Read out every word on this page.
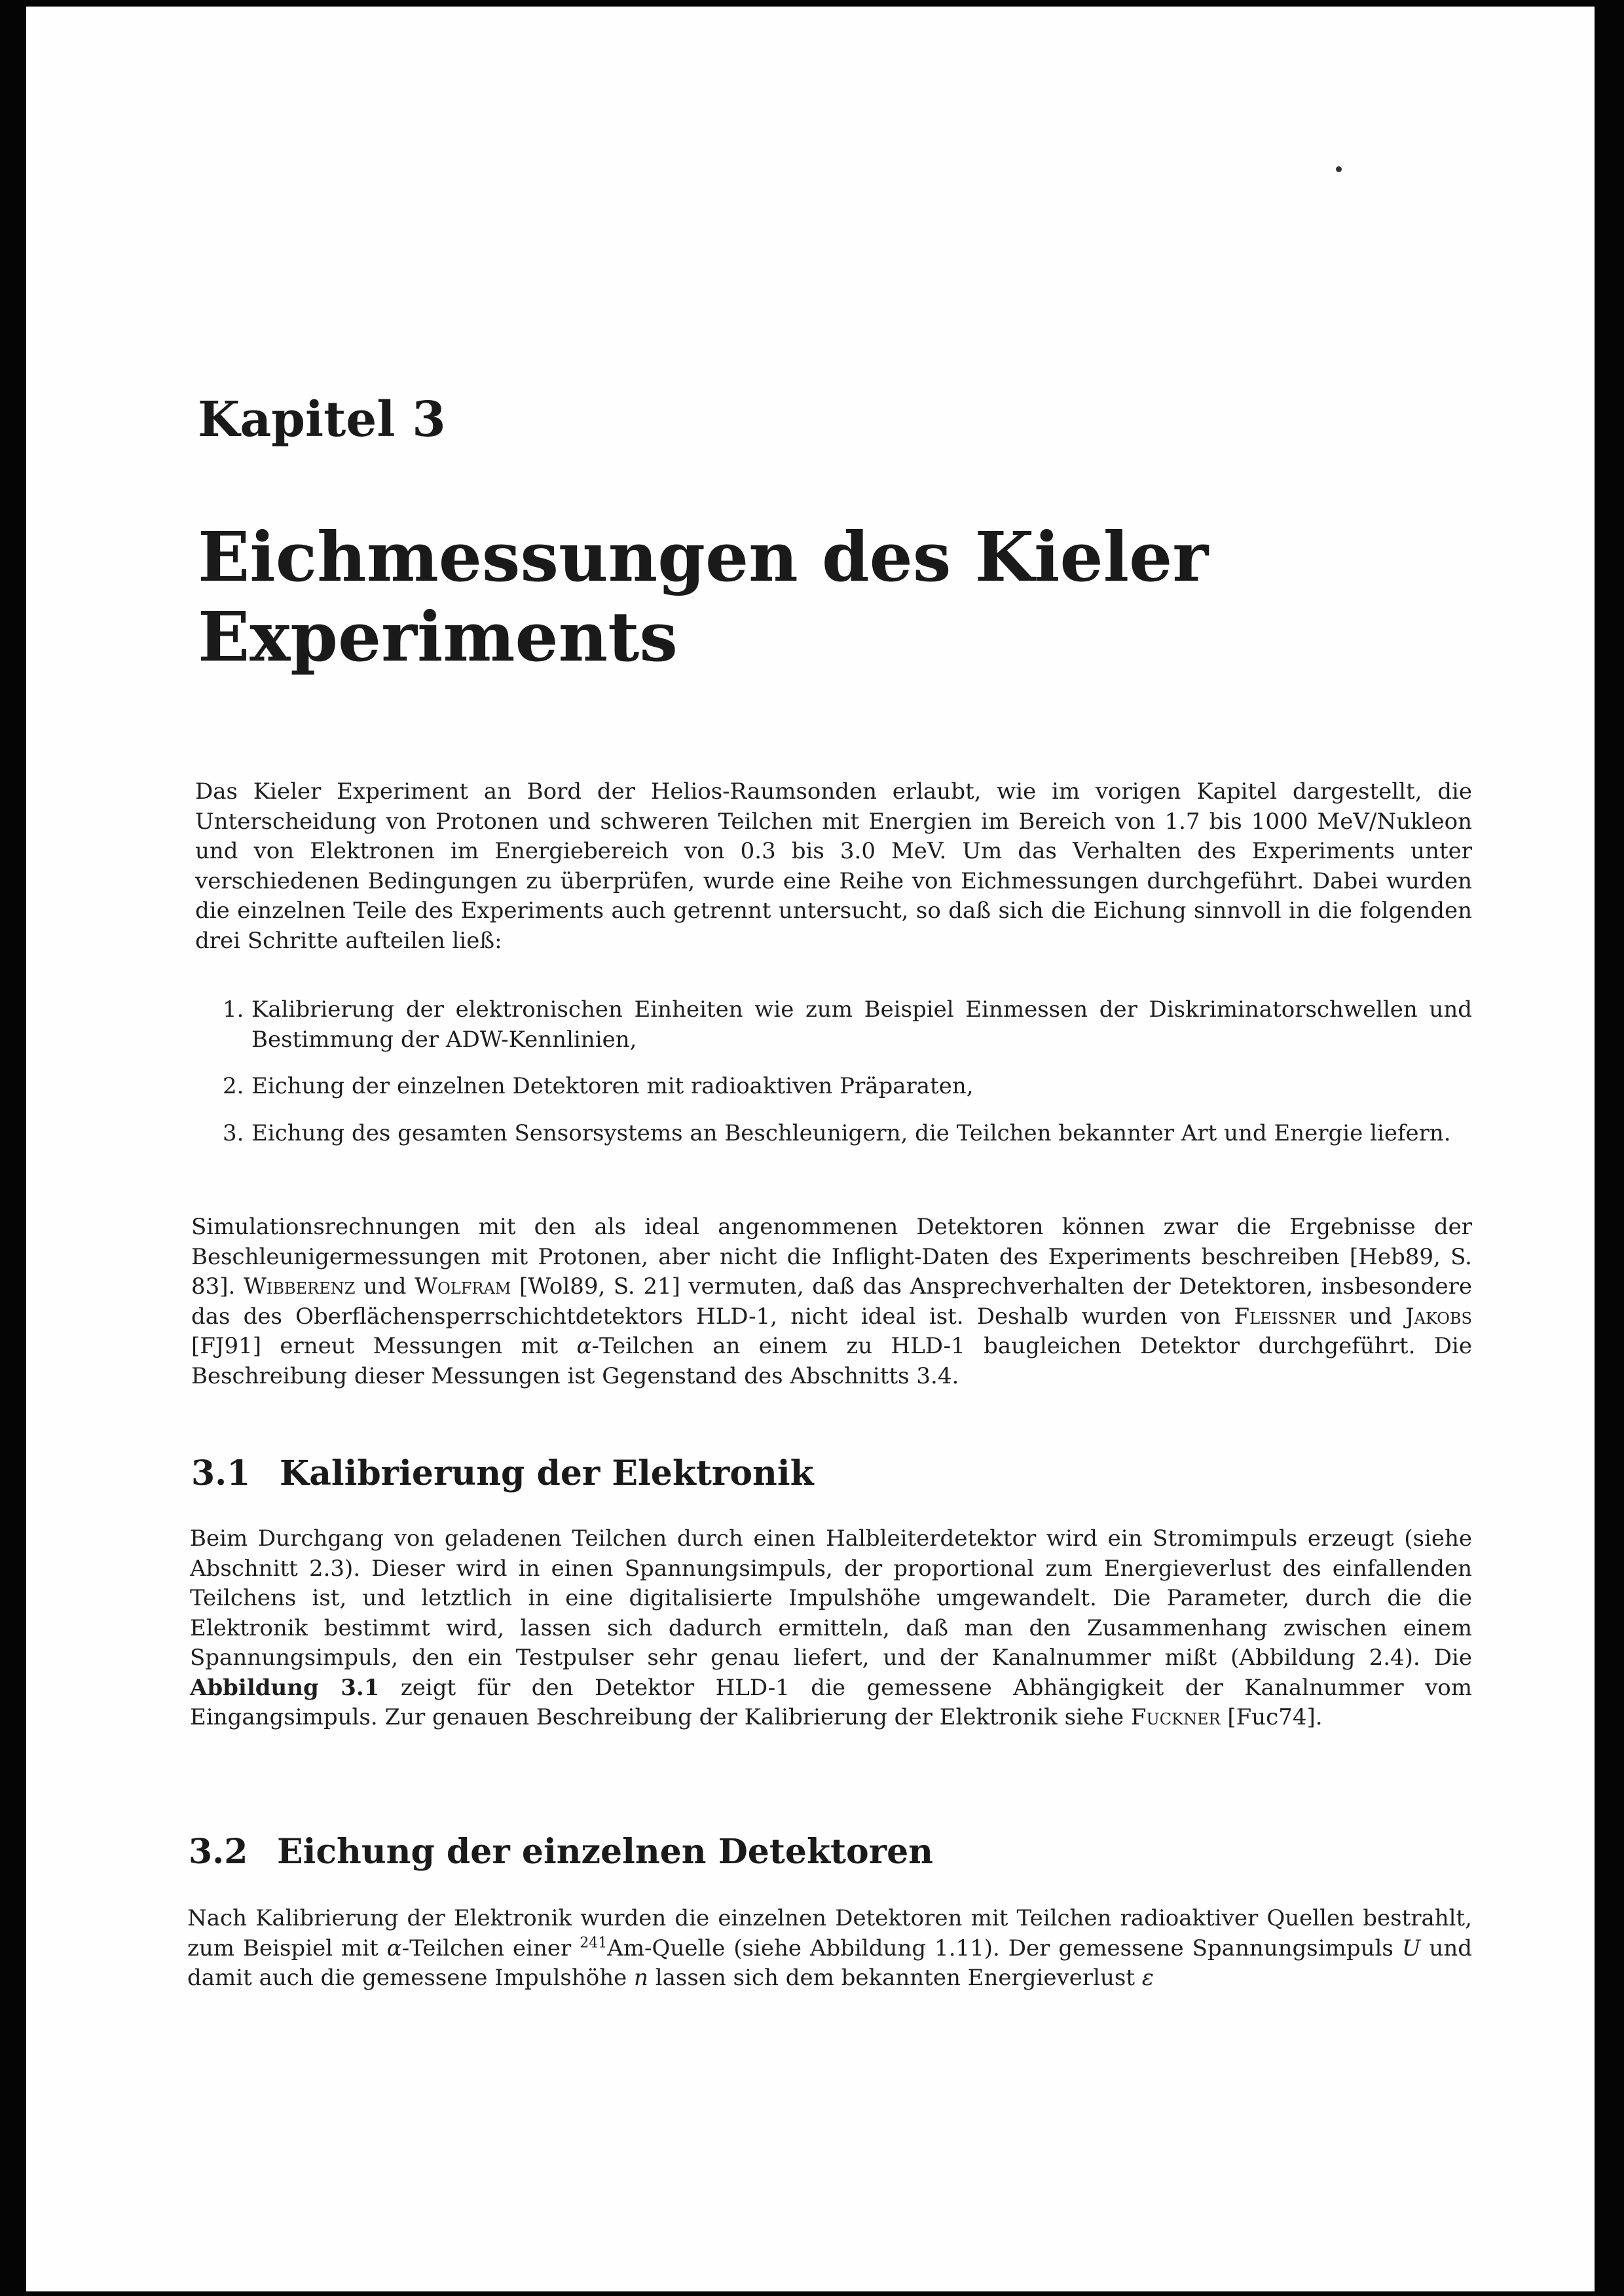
Kapitel 3
Eichmessungen des Kieler
Experiments

Das Kieler Experiment an Bord der Helios-Raumsonden erlaubt, wie im vorigen Kapitel dargestellt, die Unterscheidung von Protonen und schweren Teilchen mit Energien im Bereich von 1.7 bis 1000 MeV/Nukleon und von Elektronen im Energiebereich von 0.3 bis 3.0 MeV. Um das Verhalten des Experiments unter verschiedenen Bedingungen zu überprüfen, wurde eine Reihe von Eichmessungen durchgeführt. Dabei wurden die einzelnen Teile des Experiments auch getrennt untersucht, so daß sich die Eichung sinnvoll in die folgenden drei Schritte aufteilen ließ:

1. Kalibrierung der elektronischen Einheiten wie zum Beispiel Einmessen der Diskriminatorschwellen und Bestimmung der ADW-Kennlinien,
2. Eichung der einzelnen Detektoren mit radioaktiven Präparaten,
3. Eichung des gesamten Sensorsystems an Beschleunigern, die Teilchen bekannter Art und Energie liefern.

Simulationsrechnungen mit den als ideal angenommenen Detektoren können zwar die Ergebnisse der Beschleunigermessungen mit Protonen, aber nicht die Inflight-Daten des Experiments beschreiben [Heb89, S. 83]. Wibberenz und Wolfram [Wol89, S. 21] vermuten, daß das Ansprechverhalten der Detektoren, insbesondere das des Oberflächensperrschichtdetektors HLD-1, nicht ideal ist. Deshalb wurden von Fleissner und Jakobs [FJ91] erneut Messungen mit α-Teilchen an einem zu HLD-1 baugleichen Detektor durchgeführt. Die Beschreibung dieser Messungen ist Gegenstand des Abschnitts 3.4.

3.1 Kalibrierung der Elektronik

Beim Durchgang von geladenen Teilchen durch einen Halbleiterdetektor wird ein Stromimpuls erzeugt (siehe Abschnitt 2.3). Dieser wird in einen Spannungsimpuls, der proportional zum Energieverlust des einfallenden Teilchens ist, und letztlich in eine digitalisierte Impulshöhe umgewandelt. Die Parameter, durch die die Elektronik bestimmt wird, lassen sich dadurch ermitteln, daß man den Zusammenhang zwischen einem Spannungsimpuls, den ein Testpulser sehr genau liefert, und der Kanalnummer mißt (Abbildung 2.4). Die Abbildung 3.1 zeigt für den Detektor HLD-1 die gemessene Abhängigkeit der Kanalnummer vom Eingangsimpuls. Zur genauen Beschreibung der Kalibrierung der Elektronik siehe Fuckner [Fuc74].

3.2 Eichung der einzelnen Detektoren

Nach Kalibrierung der Elektronik wurden die einzelnen Detektoren mit Teilchen radioaktiver Quellen bestrahlt, zum Beispiel mit α-Teilchen einer $^{241}$Am-Quelle (siehe Abbildung 1.11). Der gemessene Spannungsimpuls U und damit auch die gemessene Impulshöhe n lassen sich dem bekannten Energieverlust ε
